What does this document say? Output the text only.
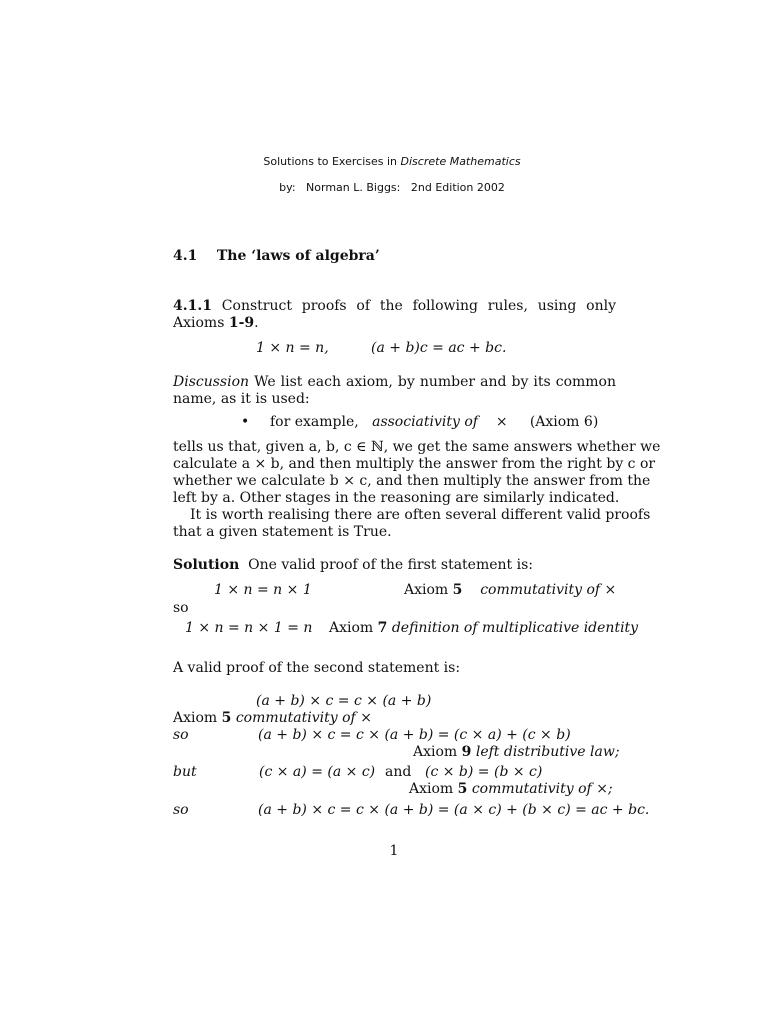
Solutions to Exercises in Discrete Mathematics
by: Norman L. Biggs: 2nd Edition 2002
4.1 The ‘laws of algebra’
4.1.1 Construct proofs of the following rules, using only
Axioms 1-9.
1 × n = n,	(a + b)c = ac + bc.
Discussion We list each axiom, by number and by its common
name, as it is used:
• for example, associativity of × (Axiom 6)
tells us that, given a, b, c ∈ ℕ, we get the same answers whether we
calculate a × b, and then multiply the answer from the right by c or
whether we calculate b × c, and then multiply the answer from the
left by a. Other stages in the reasoning are similarly indicated.
It is worth realising there are often several different valid proofs
that a given statement is True.
Solution One valid proof of the first statement is:
1 × n = n × 1	Axiom 5 commutativity of ×
so
1 × n = n × 1 = n Axiom 7 definition of multiplicative identity
A valid proof of the second statement is:
(a + b) × c = c × (a + b)
Axiom 5 commutativity of ×
so	(a + b) × c = c × (a + b) = (c × a) + (c × b)
Axiom 9 left distributive law;
but	(c × a) = (a × c) and (c × b) = (b × c)
Axiom 5 commutativity of ×;
so	(a + b) × c = c × (a + b) = (a × c) + (b × c) = ac + bc.
1
